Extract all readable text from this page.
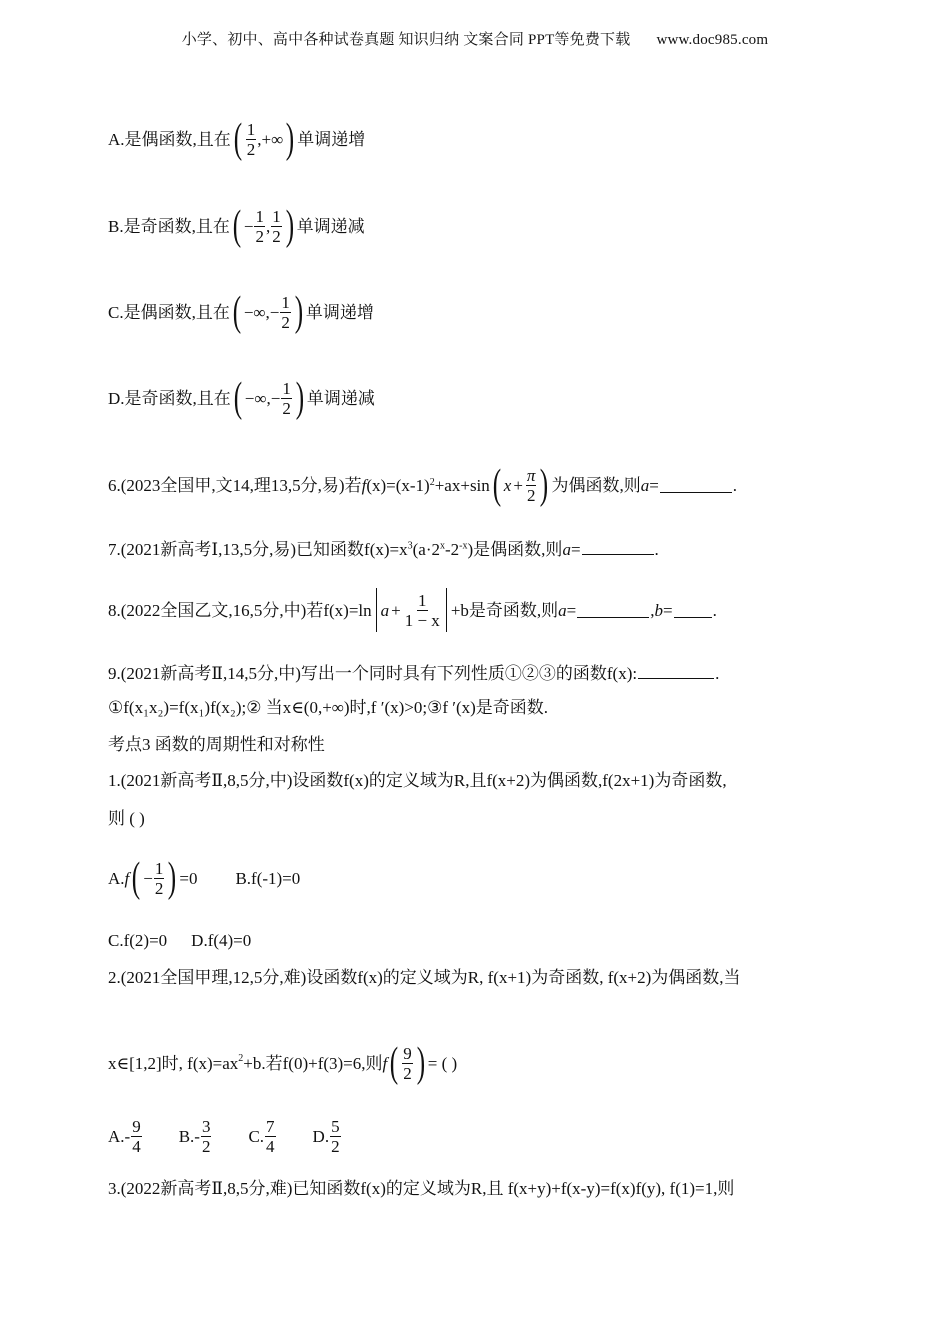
小学、初中、高中各种试卷真题 知识归纳 文案合同 PPT等免费下载 www.doc985.com
A.是偶函数,且在 ( $\frac{1}{2}$ ,+∞ ) 单调递增
B.是奇函数,且在 ( − $\frac{1}{2}$ , $\frac{1}{2}$ ) 单调递减
C.是偶函数,且在 ( −∞,− $\frac{1}{2}$ ) 单调递增
D.是奇函数,且在 ( −∞,− $\frac{1}{2}$ ) 单调递减
6.(2023全国甲,文14,理13,5分,易)若 f (x) =(x-1) 2 +ax+sin ( $x + \frac{\pi}{2}$ ) 为偶函数,则 a =	.
7.(2021新高考Ⅰ,13,5分,易)已知函数$f(x)=x^3(a\cdot 2^x-2^{-x})$是偶函数,则a=	.
8.(2022全国乙文,16,5分,中)若 f(x) =ln $a + \frac{1}{1 - x} +b$ 是奇函数,则 a =	, b = .
9.(2021新高考Ⅱ,14,5分,中)写出一个同时具有下列性质①②③的函数f(x):	.
①f(x₁x₂)=f(x₁)f(x₂);② 当x∈(0,+∞)时,f ′(x)>0;③f ′(x)是奇函数.
考点3 函数的周期性和对称性
1.(2021新高考Ⅱ,8,5分,中)设函数f(x)的定义域为R,且f(x+2)为偶函数,f(2x+1)为奇函数,
则 ( )
A. f ( − $\frac{1}{2}$ ) =0 B.f(-1)=0
C.f(2)=0 D.f(4)=0
2.(2021全国甲理,12,5分,难)设函数f(x)的定义域为R, f(x+1)为奇函数, f(x+2)为偶函数,当
x∈[1,2]时, $f(x)=ax^2 +b$.若f(0)+f(3)=6,则 f ( $\frac{9}{2}$ ) = ( )
$A.- \frac{9}{4} B.- \frac{3}{2} C$. $\frac{7}{4} D$. $\frac{5}{2}$
3.(2022新高考Ⅱ,8,5分,难)已知函数f(x)的定义域为R,且 f(x+y)+f(x-y)=f(x)f(y), f(1)=1,则
